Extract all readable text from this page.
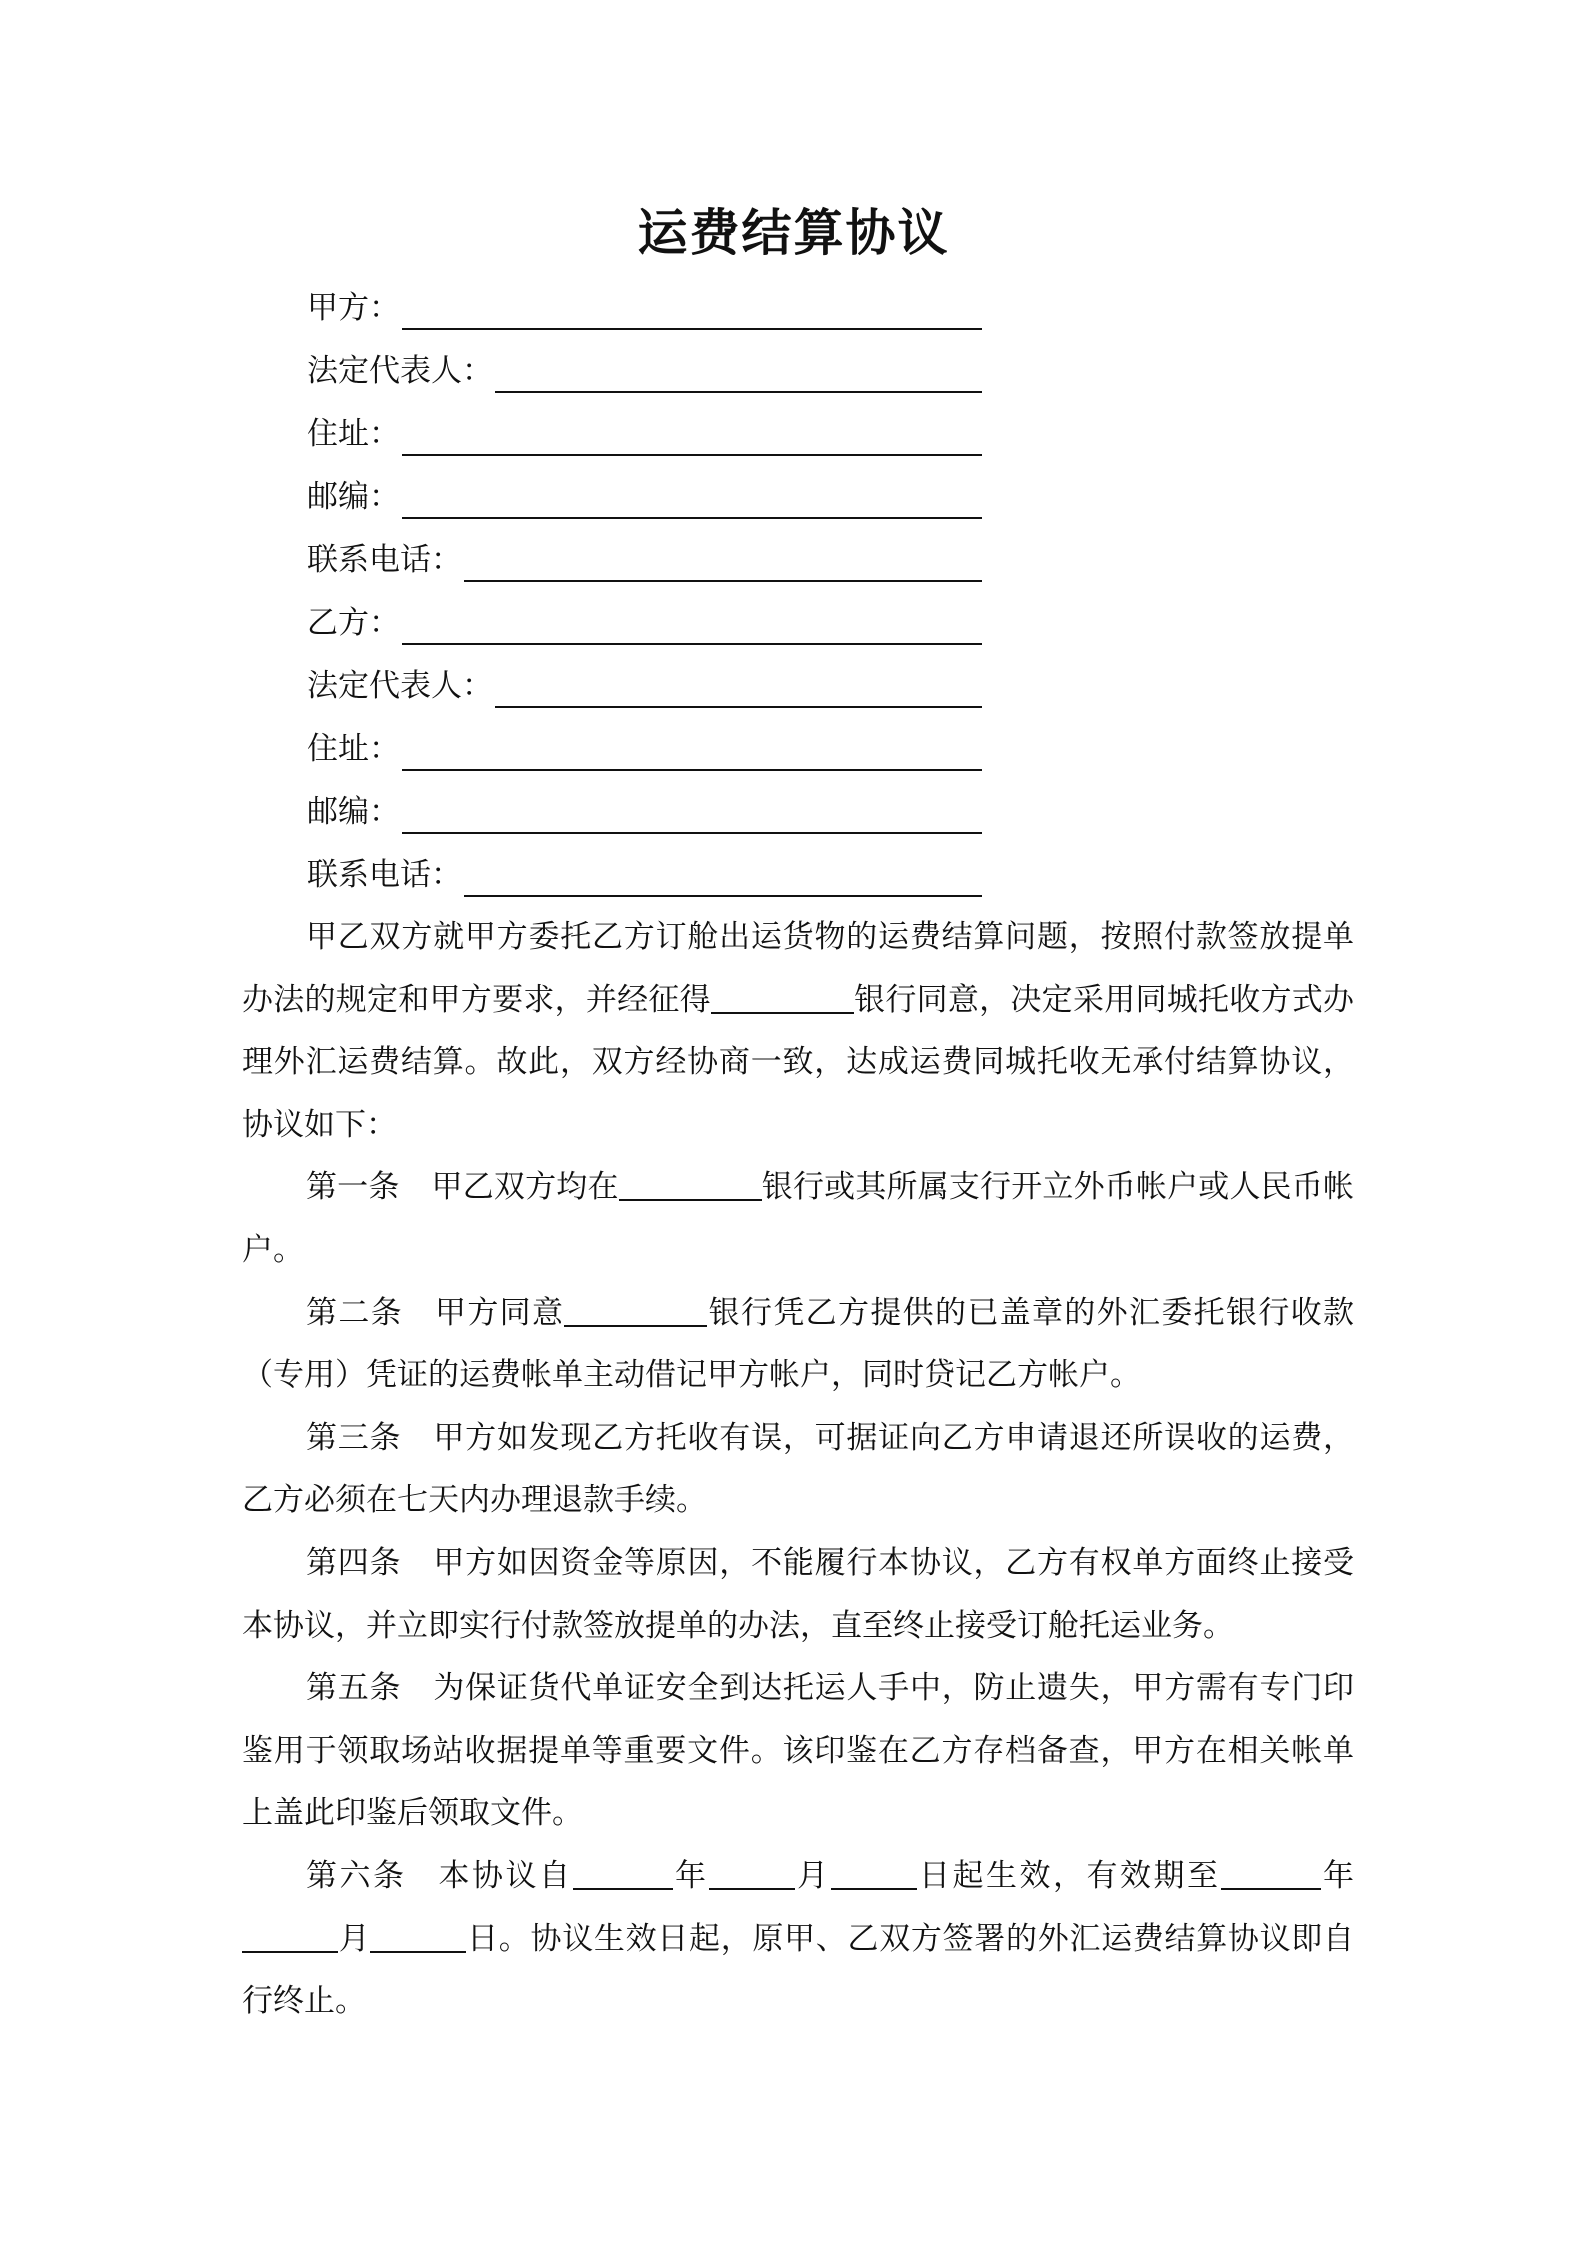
运费结算协议
甲方：
法定代表人：
住址：
邮编：
联系电话：
乙方：
法定代表人：
住址：
邮编：
联系电话：

甲乙双方就甲方委托乙方订舱出运货物的运费结算问题，按照付款签放提单办法的规定和甲方要求，并经征得	银行同意，决定采用同城托收方式办理外汇运费结算。故此，双方经协商一致，达成运费同城托收无承付结算协议，协议如下：

第一条 甲乙双方均在	银行或其所属支行开立外币帐户或人民币帐户。

第二条 甲方同意	银行凭乙方提供的已盖章的外汇委托银行收款（专用）凭证的运费帐单主动借记甲方帐户，同时贷记乙方帐户。

第三条 甲方如发现乙方托收有误，可据证向乙方申请退还所误收的运费，乙方必须在七天内办理退款手续。

第四条 甲方如因资金等原因，不能履行本协议，乙方有权单方面终止接受本协议，并立即实行付款签放提单的办法，直至终止接受订舱托运业务。

第五条 为保证货代单证安全到达托运人手中，防止遗失，甲方需有专门印鉴用于领取场站收据提单等重要文件。该印鉴在乙方存档备查，甲方在相关帐单上盖此印鉴后领取文件。

第六条 本协议自	年	月	日起生效，有效期至	年月	日。协议生效日起，原甲、乙双方签署的外汇运费结算协议即自行终止。
